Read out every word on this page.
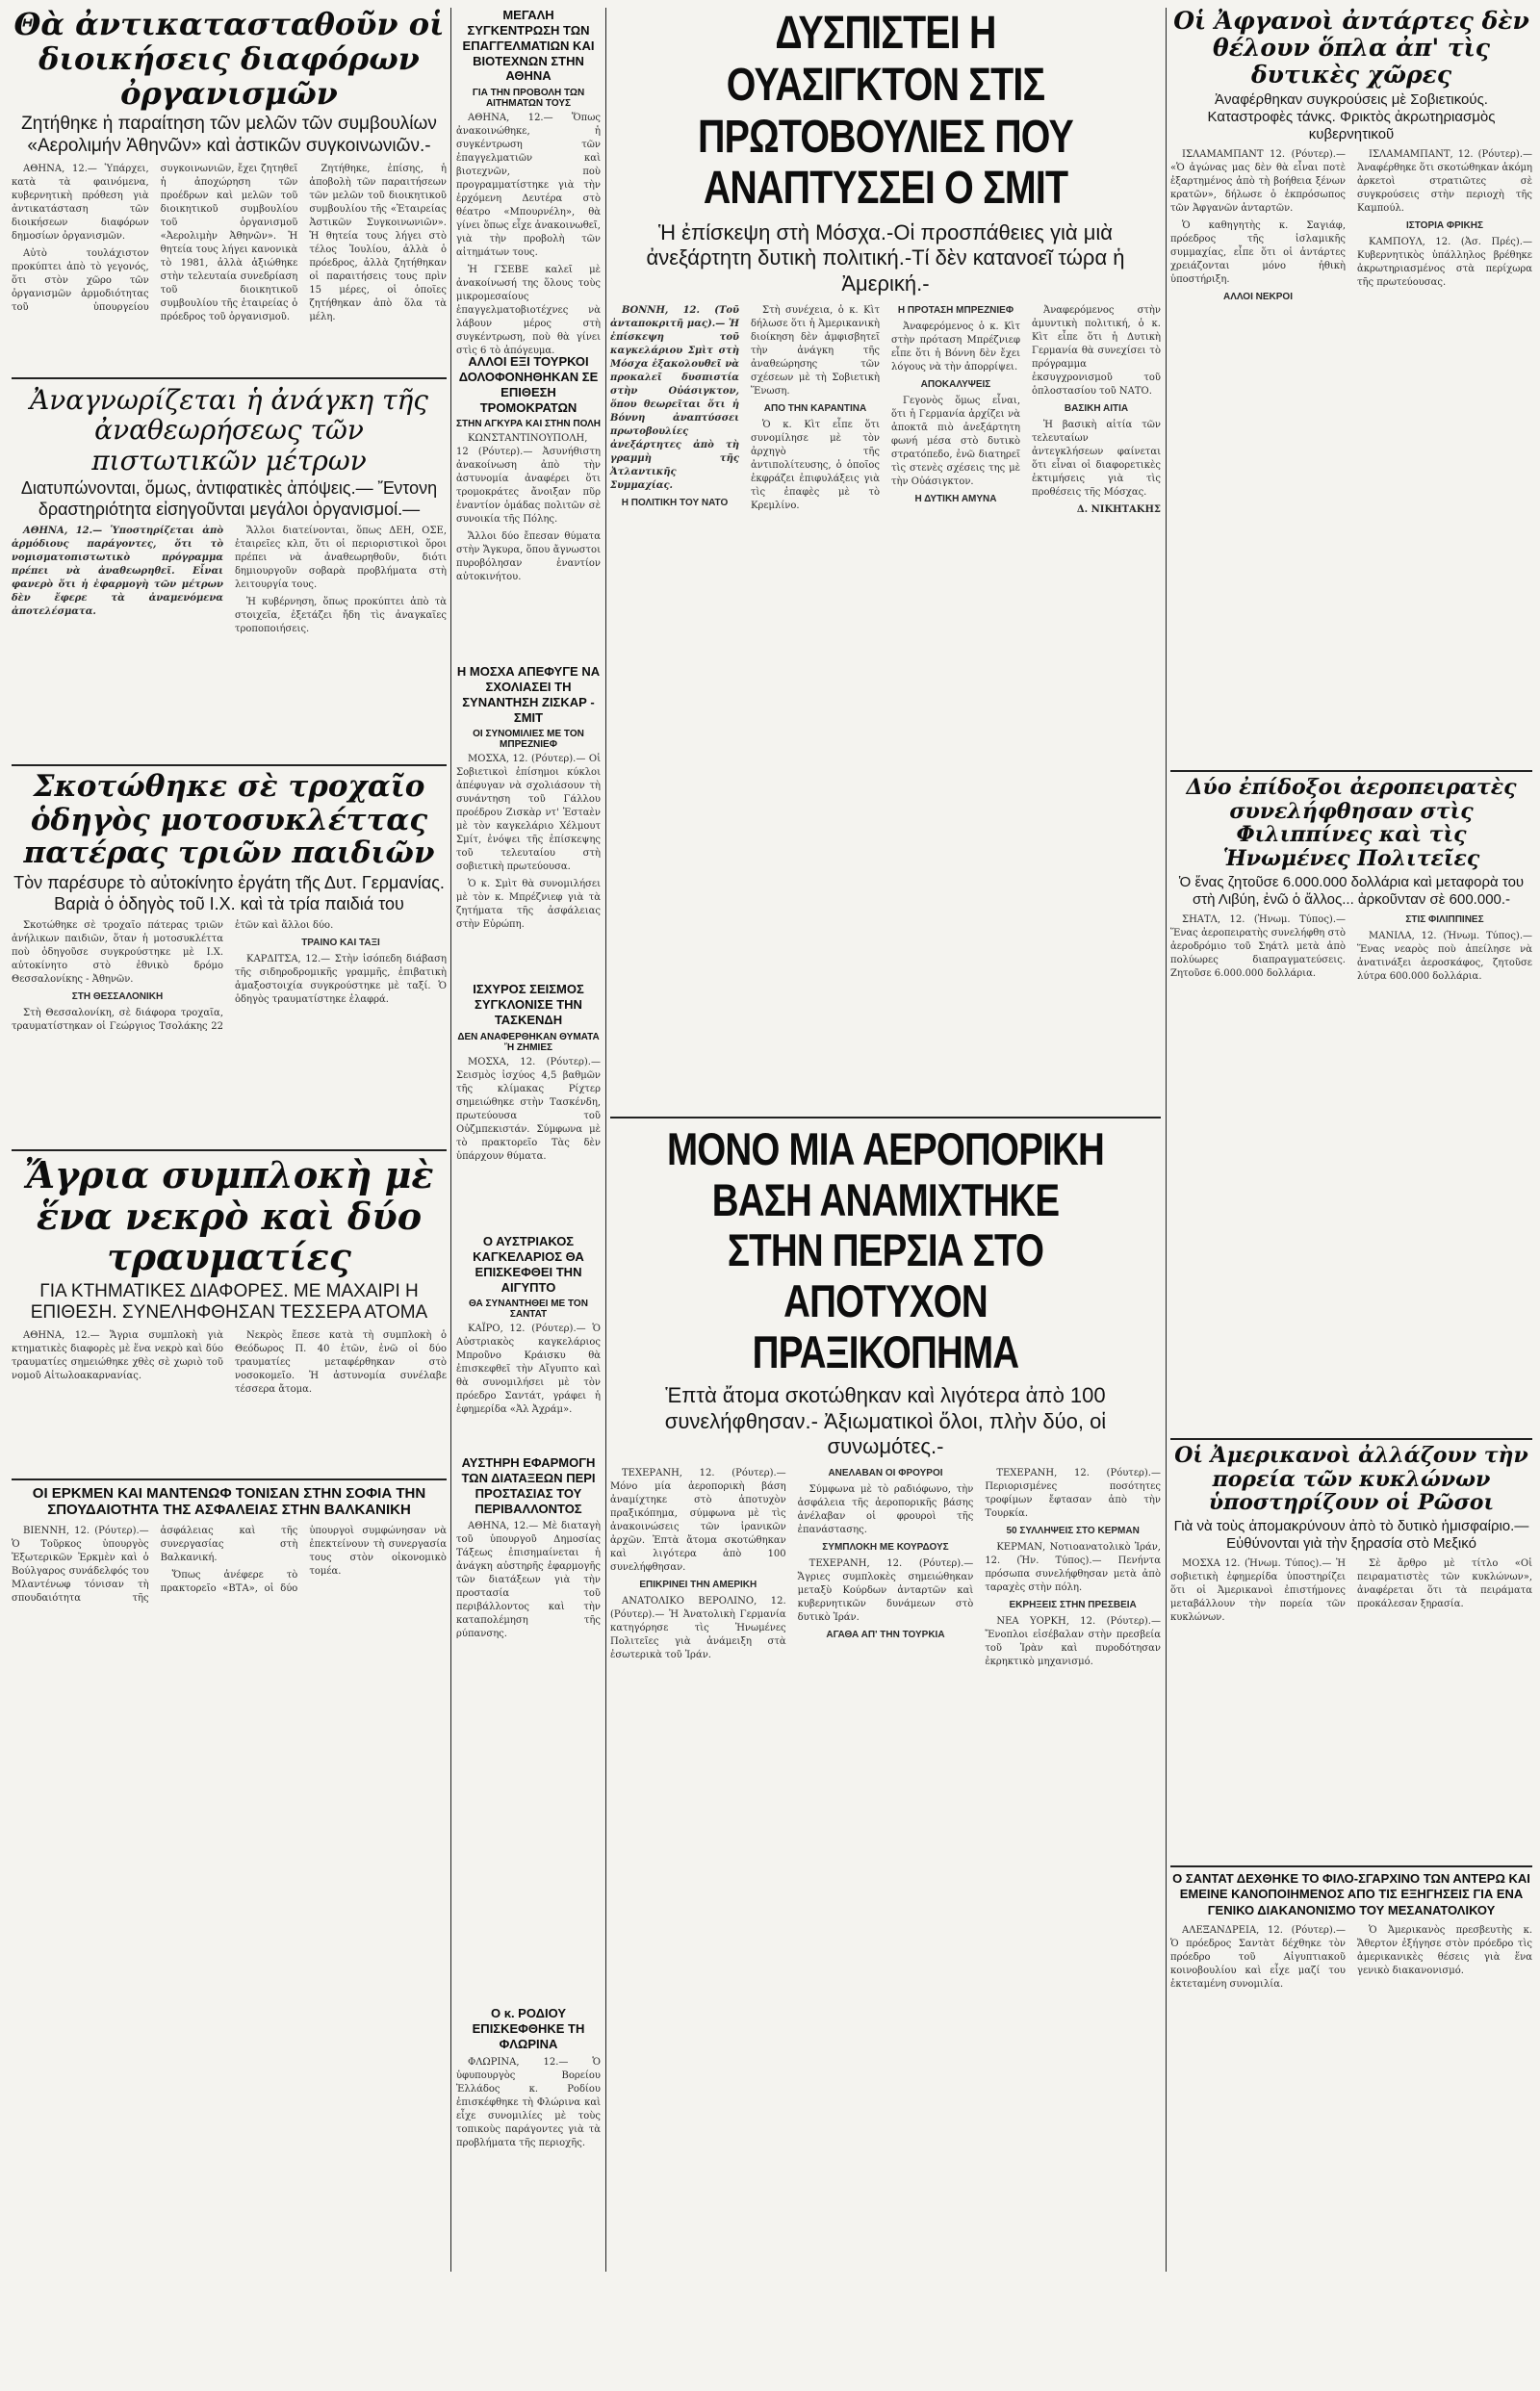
Θὰ ἀντικατασταθοῦν οἱ διοικήσεις διαφόρων ὀργανισμῶν
Ζητήθηκε ἡ παραίτηση τῶν μελῶν τῶν συμβουλίων «Αερολιμήν Ἀθηνῶν» καὶ ἀστικῶν συγκοινωνιῶν.-

ΑΘΗΝΑ, 12.— Ὑπάρχει, κατὰ τὰ φαινόμενα, κυβερνητικὴ πρόθεση γιὰ ἀντικατάσταση τῶν διοικήσεων διαφόρων δημοσίων ὀργανισμῶν.

Αὐτὸ τουλάχιστον προκύπτει ἀπὸ τὸ γεγονός, ὅτι στὸν χῶρο τῶν ὀργανισμῶν ἀρμοδιότητας τοῦ ὑπουργείου συγκοινωνιῶν, ἔχει ζητηθεῖ ἡ ἀποχώρηση τῶν προέδρων καὶ μελῶν τοῦ διοικητικοῦ συμβουλίου τοῦ ὀργανισμοῦ «Ἀερολιμὴν Ἀθηνῶν». Ἡ θητεία τους λήγει κανονικὰ τὸ 1981, ἀλλὰ ἀξιώθηκε στὴν τελευταία συνεδρίαση τοῦ διοικητικοῦ συμβουλίου τῆς ἑταιρείας ὁ πρόεδρος τοῦ ὀργανισμοῦ.

Ζητήθηκε, ἐπίσης, ἡ ἀποβολὴ τῶν παραιτήσεων τῶν μελῶν τοῦ διοικητικοῦ συμβουλίου τῆς «Ἑταιρείας Ἀστικῶν Συγκοινωνιῶν». Ἡ θητεία τους λήγει στὸ τέλος Ἰουλίου, ἀλλὰ ὁ πρόεδρος, ἀλλὰ ζητήθηκαν οἱ παραιτήσεις τους πρὶν 15 μέρες, οἱ ὁποῖες ζητήθηκαν ἀπὸ ὅλα τὰ μέλη.

Ἀναγνωρίζεται ἡ ἀνάγκη τῆς ἀναθεωρήσεως τῶν πιστωτικῶν μέτρων
Διατυπώνονται, ὅμως, ἀντιφατικὲς ἀπόψεις.— Ἔντονη δραστηριότητα εἰσηγοῦνται μεγάλοι ὀργανισμοί.—

ΑΘΗΝΑ, 12.— Ὑποστηρίζεται ἀπὸ ἁρμόδιους παράγοντες, ὅτι τὸ νομισματοπιστωτικὸ πρόγραμμα πρέπει νὰ ἀναθεωρηθεῖ. Εἶναι φανερὸ ὅτι ἡ ἐφαρμογὴ τῶν μέτρων δὲν ἔφερε τὰ ἀναμενόμενα ἀποτελέσματα.

Ἄλλοι διατείνονται, ὅπως ΔΕΗ, ΟΣΕ, ἐταιρεῖες κλπ, ὅτι οἱ περιοριστικοὶ ὅροι πρέπει νὰ ἀναθεωρηθοῦν, διότι δημιουργοῦν σοβαρὰ προβλήματα στὴ λειτουργία τους.

Ἡ κυβέρνηση, ὅπως προκύπτει ἀπὸ τὰ στοιχεῖα, ἐξετάζει ἤδη τὶς ἀναγκαῖες τροποποιήσεις.

Σκοτώθηκε σὲ τροχαῖο ὁδηγὸς μοτοσυκλέττας πατέρας τριῶν παιδιῶν
Τὸν παρέσυρε τὸ αὐτοκίνητο ἐργάτη τῆς Δυτ. Γερμανίας. Βαριὰ ὁ ὁδηγὸς τοῦ Ι.Χ. καὶ τὰ τρία παιδιά του

Σκοτώθηκε σὲ τροχαῖο πάτερας τριῶν ἀνήλικων παιδιῶν, ὅταν ἡ μοτοσυκλέττα ποὺ ὁδηγοῦσε συγκρούστηκε μὲ Ι.Χ. αὐτοκίνητο στὸ ἐθνικὸ δρόμο Θεσσαλονίκης - Ἀθηνῶν.

ΣΤΗ ΘΕΣΣΑΛΟΝΙΚΗ

Στὴ Θεσσαλονίκη, σὲ διάφορα τροχαῖα, τραυματίστηκαν οἱ Γεώργιος Τσολάκης 22 ἐτῶν καὶ ἄλλοι δύο.

ΤΡΑΙΝΟ ΚΑΙ ΤΑΞΙ

ΚΑΡΔΙΤΣΑ, 12.— Στὴν ἰσόπεδη διάβαση τῆς σιδηροδρομικῆς γραμμῆς, ἐπιβατικὴ ἁμαξοστοιχία συγκρούστηκε μὲ ταξί. Ὁ ὁδηγὸς τραυματίστηκε ἐλαφρά.

Ἄγρια συμπλοκὴ μὲ ἕνα νεκρὸ καὶ δύο τραυματίες
ΓΙΑ ΚΤΗΜΑΤΙΚΕΣ ΔΙΑΦΟΡΕΣ. ΜΕ ΜΑΧΑΙΡΙ Η ΕΠΙΘΕΣΗ. ΣΥΝΕΛΗΦΘΗΣΑΝ ΤΕΣΣΕΡΑ ΑΤΟΜΑ

ΑΘΗΝΑ, 12.— Ἄγρια συμπλοκὴ γιὰ κτηματικὲς διαφορὲς μὲ ἕνα νεκρὸ καὶ δύο τραυματίες σημειώθηκε χθὲς σὲ χωριὸ τοῦ νομοῦ Αἰτωλοακαρνανίας.

Νεκρὸς ἔπεσε κατὰ τὴ συμπλοκὴ ὁ Θεόδωρος Π. 40 ἐτῶν, ἐνῶ οἱ δύο τραυματίες μεταφέρθηκαν στὸ νοσοκομεῖο. Ἡ ἀστυνομία συνέλαβε τέσσερα ἄτομα.

ΟΙ ΕΡΚΜΕΝ ΚΑΙ ΜΑΝΤΕΝΩΦ ΤΟΝΙΣΑΝ ΣΤΗΝ ΣΟΦΙΑ ΤΗΝ ΣΠΟΥΔΑΙΟΤΗΤΑ ΤΗΣ ΑΣΦΑΛΕΙΑΣ ΣΤΗΝ ΒΑΛΚΑΝΙΚΗ

ΒΙΕΝΝΗ, 12. (Ρόυτερ).— Ὁ Τοῦρκος ὑπουργὸς Ἐξωτερικῶν Ἐρκμὲν καὶ ὁ Βούλγαρος συνάδελφός του Μλαντένωφ τόνισαν τὴ σπουδαιότητα τῆς ἀσφάλειας καὶ τῆς συνεργασίας στὴ Βαλκανική.

Ὅπως ἀνέφερε τὸ πρακτορεῖο «ΒΤΑ», οἱ δύο ὑπουργοὶ συμφώνησαν νὰ ἐπεκτείνουν τὴ συνεργασία τους στὸν οἰκονομικὸ τομέα.

ΜΕΓΑΛΗ ΣΥΓΚΕΝΤΡΩΣΗ ΤΩΝ ΕΠΑΓΓΕΛΜΑΤΙΩΝ ΚΑΙ ΒΙΟΤΕΧΝΩΝ ΣΤΗΝ ΑΘΗΝΑ
ΓΙΑ ΤΗΝ ΠΡΟΒΟΛΗ ΤΩΝ ΑΙΤΗΜΑΤΩΝ ΤΟΥΣ

ΑΘΗΝΑ, 12.— Ὅπως ἀνακοινώθηκε, ἡ συγκέντρωση τῶν ἐπαγγελματιῶν καὶ βιοτεχνῶν, ποὺ προγραμματίστηκε γιὰ τὴν ἐρχόμενη Δευτέρα στὸ θέατρο «Μπουρνέλη», θὰ γίνει ὅπως εἶχε ἀνακοινωθεῖ, γιὰ τὴν προβολὴ τῶν αἰτημάτων τους.

Ἡ ΓΣΕΒΕ καλεῖ μὲ ἀνακοίνωσή της ὅλους τοὺς μικρομεσαίους ἐπαγγελματοβιοτέχνες νὰ λάβουν μέρος στὴ συγκέντρωση, ποὺ θὰ γίνει στὶς 6 τὸ ἀπόγευμα.

ΑΛΛΟΙ ΕΞΙ ΤΟΥΡΚΟΙ ΔΟΛΟΦΟΝΗΘΗΚΑΝ ΣΕ ΕΠΙΘΕΣΗ ΤΡΟΜΟΚΡΑΤΩΝ
ΣΤΗΝ ΑΓΚΥΡΑ ΚΑΙ ΣΤΗΝ ΠΟΛΗ

ΚΩΝΣΤΑΝΤΙΝΟΥΠΟΛΗ, 12 (Ρόυτερ).— Ἀσυνήθιστη ἀνακοίνωση ἀπὸ τὴν ἀστυνομία ἀναφέρει ὅτι τρομοκράτες ἄνοιξαν πῦρ ἐναντίον ὁμάδας πολιτῶν σὲ συνοικία τῆς Πόλης.

Ἄλλοι δύο ἔπεσαν θύματα στὴν Ἄγκυρα, ὅπου ἄγνωστοι πυροβόλησαν ἐναντίον αὐτοκινήτου.

Η ΜΟΣΧΑ ΑΠΕΦΥΓΕ ΝΑ ΣΧΟΛΙΑΣΕΙ ΤΗ ΣΥΝΑΝΤΗΣΗ ΖΙΣΚΑΡ - ΣΜΙΤ
ΟΙ ΣΥΝΟΜΙΛΙΕΣ ΜΕ ΤΟΝ ΜΠΡΕΖΝΙΕΦ

ΜΟΣΧΑ, 12. (Ρόυτερ).— Οἱ Σοβιετικοὶ ἐπίσημοι κύκλοι ἀπέφυγαν νὰ σχολιάσουν τὴ συνάντηση τοῦ Γάλλου προέδρου Ζισκὰρ ντ' Ἐσταὲν μὲ τὸν καγκελάριο Χέλμουτ Σμίτ, ἐνόψει τῆς ἐπίσκεψης τοῦ τελευταίου στὴ σοβιετικὴ πρωτεύουσα.

Ὁ κ. Σμὶτ θὰ συνομιλήσει μὲ τὸν κ. Μπρέζνιεφ γιὰ τὰ ζητήματα τῆς ἀσφάλειας στὴν Εὐρώπη.

ΙΣΧΥΡΟΣ ΣΕΙΣΜΟΣ ΣΥΓΚΛΟΝΙΣΕ ΤΗΝ ΤΑΣΚΕΝΔΗ
ΔΕΝ ΑΝΑΦΕΡΘΗΚΑΝ ΘΥΜΑΤΑ Ἤ ΖΗΜΙΕΣ

ΜΟΣΧΑ, 12. (Ρόυτερ).— Σεισμὸς ἰσχύος 4,5 βαθμῶν τῆς κλίμακας Ρίχτερ σημειώθηκε στὴν Τασκένδη, πρωτεύουσα τοῦ Οὐζμπεκιστάν. Σύμφωνα μὲ τὸ πρακτορεῖο Τὰς δὲν ὑπάρχουν θύματα.

Ο ΑΥΣΤΡΙΑΚΟΣ ΚΑΓΚΕΛΑΡΙΟΣ ΘΑ ΕΠΙΣΚΕΦΘΕΙ ΤΗΝ ΑΙΓΥΠΤΟ
ΘΑ ΣΥΝΑΝΤΗΘΕΙ ΜΕ ΤΟΝ ΣΑΝΤΑΤ

ΚΑΪΡΟ, 12. (Ρόυτερ).— Ὁ Αὐστριακὸς καγκελάριος Μπροῦνο Κράισκυ θὰ ἐπισκεφθεῖ τὴν Αἴγυπτο καὶ θὰ συνομιλήσει μὲ τὸν πρόεδρο Σαντάτ, γράφει ἡ ἐφημερίδα «Ἀλ Ἀχράμ».

ΑΥΣΤΗΡΗ ΕΦΑΡΜΟΓΗ ΤΩΝ ΔΙΑΤΑΞΕΩΝ ΠΕΡΙ ΠΡΟΣΤΑΣΙΑΣ ΤΟΥ ΠΕΡΙΒΑΛΛΟΝΤΟΣ

ΑΘΗΝΑ, 12.— Μὲ διαταγὴ τοῦ ὑπουργοῦ Δημοσίας Τάξεως ἐπισημαίνεται ἡ ἀνάγκη αὐστηρῆς ἐφαρμογῆς τῶν διατάξεων γιὰ τὴν προστασία τοῦ περιβάλλοντος καὶ τὴν καταπολέμηση τῆς ρύπανσης.

Ο κ. ΡΟΔΙΟΥ ΕΠΙΣΚΕΦΘΗΚΕ ΤΗ ΦΛΩΡΙΝΑ

ΦΛΩΡΙΝΑ, 12.— Ὁ ὑφυπουργὸς Βορείου Ἑλλάδος κ. Ροδίου ἐπισκέφθηκε τὴ Φλώρινα καὶ εἶχε συνομιλίες μὲ τοὺς τοπικοὺς παράγοντες γιὰ τὰ προβλήματα τῆς περιοχῆς.

ΔΥΣΠΙΣΤΕΙ Η ΟΥΑΣΙΓΚΤΟΝ ΣΤΙΣ ΠΡΩΤΟΒΟΥΛΙΕΣ ΠΟΥ ΑΝΑΠΤΥΣΣΕΙ Ο ΣΜΙΤ
Ἡ ἐπίσκεψη στὴ Μόσχα.-Οἱ προσπάθειες γιὰ μιὰ ἀνεξάρτητη δυτικὴ πολιτική.-Τί δὲν κατανοεῖ τώρα ἡ Ἀμερική.-

ΒΟΝΝΗ, 12. (Τοῦ ἀνταποκριτῆ μας).— Ἡ ἐπίσκεψη τοῦ καγκελάριου Σμὶτ στὴ Μόσχα ἐξακολουθεῖ νὰ προκαλεῖ δυσπιστία στὴν Οὐάσιγκτον, ὅπου θεωρεῖται ὅτι ἡ Βόννη ἀναπτύσσει πρωτοβουλίες ἀνεξάρτητες ἀπὸ τὴ γραμμὴ τῆς Ἀτλαντικῆς Συμμαχίας.

Η ΠΟΛΙΤΙΚΗ ΤΟΥ ΝΑΤΟ

Στὴ συνέχεια, ὁ κ. Κὶτ δήλωσε ὅτι ἡ Ἀμερικανικὴ διοίκηση δὲν ἀμφισβητεῖ τὴν ἀνάγκη τῆς ἀναθεώρησης τῶν σχέσεων μὲ τὴ Σοβιετικὴ Ἕνωση.

ΑΠΟ ΤΗΝ ΚΑΡΑΝΤΙΝΑ

Ὁ κ. Κὶτ εἶπε ὅτι συνομίλησε μὲ τὸν ἀρχηγὸ τῆς ἀντιπολίτευσης, ὁ ὁποῖος ἐκφράζει ἐπιφυλάξεις γιὰ τὶς ἐπαφὲς μὲ τὸ Κρεμλίνο.

Η ΠΡΟΤΑΣΗ ΜΠΡΕΖΝΙΕΦ

Ἀναφερόμενος ὁ κ. Κὶτ στὴν πρόταση Μπρέζνιεφ εἶπε ὅτι ἡ Βόννη δὲν ἔχει λόγους νὰ τὴν ἀπορρίψει.

ΑΠΟΚΑΛΥΨΕΙΣ

Γεγονὸς ὅμως εἶναι, ὅτι ἡ Γερμανία ἀρχίζει νὰ ἀποκτᾶ πιὸ ἀνεξάρτητη φωνή μέσα στὸ δυτικὸ στρατόπεδο, ἐνῶ διατηρεῖ τὶς στενὲς σχέσεις της μὲ τὴν Οὐάσιγκτον.

Η ΔΥΤΙΚΗ ΑΜΥΝΑ

Ἀναφερόμενος στὴν ἀμυντικὴ πολιτική, ὁ κ. Κὶτ εἶπε ὅτι ἡ Δυτικὴ Γερμανία θὰ συνεχίσει τὸ πρόγραμμα ἐκσυγχρονισμοῦ τοῦ ὁπλοστασίου τοῦ ΝΑΤΟ.

ΒΑΣΙΚΗ ΑΙΤΙΑ

Ἡ βασικὴ αἰτία τῶν τελευταίων ἀντεγκλήσεων φαίνεται ὅτι εἶναι οἱ διαφορετικὲς ἐκτιμήσεις γιὰ τὶς προθέσεις τῆς Μόσχας.

Δ. ΝΙΚΗΤΑΚΗΣ
ΜΟΝΟ ΜΙΑ ΑΕΡΟΠΟΡΙΚΗ ΒΑΣΗ ΑΝΑΜΙΧΤΗΚΕ ΣΤΗΝ ΠΕΡΣΙΑ ΣΤΟ ΑΠΟΤΥΧΟΝ ΠΡΑΞΙΚΟΠΗΜΑ
Ἑπτὰ ἄτομα σκοτώθηκαν καὶ λιγότερα ἀπὸ 100 συνελήφθησαν.- Ἀξιωματικοὶ ὅλοι, πλὴν δύο, οἱ συνωμότες.-

ΤΕΧΕΡΑΝΗ, 12. (Ρόυτερ).— Μόνο μία ἀεροπορικὴ βάση ἀναμίχτηκε στὸ ἀποτυχὸν πραξικόπημα, σύμφωνα μὲ τὶς ἀνακοινώσεις τῶν ἰρανικῶν ἀρχῶν. Ἐπτὰ ἄτομα σκοτώθηκαν καὶ λιγότερα ἀπὸ 100 συνελήφθησαν.

ΕΠΙΚΡΙΝΕΙ ΤΗΝ ΑΜΕΡΙΚΗ

ΑΝΑΤΟΛΙΚΟ ΒΕΡΟΛΙΝΟ, 12. (Ρόυτερ).— Ἡ Ἀνατολικὴ Γερμανία κατηγόρησε τὶς Ἡνωμένες Πολιτεῖες γιὰ ἀνάμειξη στὰ ἐσωτερικὰ τοῦ Ἰράν.

ΑΝΕΛΑΒΑΝ ΟΙ ΦΡΟΥΡΟΙ

Σύμφωνα μὲ τὸ ραδιόφωνο, τὴν ἀσφάλεια τῆς ἀεροπορικῆς βάσης ἀνέλαβαν οἱ φρουροὶ τῆς ἐπανάστασης.

ΣΥΜΠΛΟΚΗ ΜΕ ΚΟΥΡΔΟΥΣ

ΤΕΧΕΡΑΝΗ, 12. (Ρόυτερ).— Ἄγριες συμπλοκὲς σημειώθηκαν μεταξὺ Κούρδων ἀνταρτῶν καὶ κυβερνητικῶν δυνάμεων στὸ δυτικὸ Ἰράν.

ΑΓΑΘΑ ΑΠ' ΤΗΝ ΤΟΥΡΚΙΑ

ΤΕΧΕΡΑΝΗ, 12. (Ρόυτερ).— Περιορισμένες ποσότητες τροφίμων ἔφτασαν ἀπὸ τὴν Τουρκία.

50 ΣΥΛΛΗΨΕΙΣ ΣΤΟ ΚΕΡΜΑΝ

ΚΕΡΜΑΝ, Νοτιοανατολικὸ Ἰράν, 12. (Ἡν. Τύπος).— Πενήντα πρόσωπα συνελήφθησαν μετὰ ἀπὸ ταραχὲς στὴν πόλη.

ΕΚΡΗΞΕΙΣ ΣΤΗΝ ΠΡΕΣΒΕΙΑ

ΝΕΑ ΥΟΡΚΗ, 12. (Ρόυτερ).— Ἔνοπλοι εἰσέβαλαν στὴν πρεσβεία τοῦ Ἰρὰν καὶ πυροδότησαν ἐκρηκτικὸ μηχανισμό.

Οἱ Ἀφγανοὶ ἀντάρτες δὲν θέλουν ὅπλα ἀπ' τὶς δυτικὲς χῶρες
Ἀναφέρθηκαν συγκρούσεις μὲ Σοβιετικούς. Καταστροφὲς τάνκς. Φρικτὸς ἀκρωτηριασμὸς κυβερνητικοῦ

ΙΣΛΑΜΑΜΠΑΝΤ 12. (Ρόυτερ).— «Ὁ ἀγώνας μας δὲν θὰ εἶναι ποτὲ ἐξαρτημένος ἀπὸ τὴ βοήθεια ξένων κρατῶν», δήλωσε ὁ ἐκπρόσωπος τῶν Ἀφγανῶν ἀνταρτῶν.

Ὁ καθηγητὴς κ. Σαγιάφ, πρόεδρος τῆς ἰσλαμικῆς συμμαχίας, εἶπε ὅτι οἱ ἀντάρτες χρειάζονται μόνο ἠθικὴ ὑποστήριξη.

ΑΛΛΟΙ ΝΕΚΡΟΙ

ΙΣΛΑΜΑΜΠΑΝΤ, 12. (Ρόυτερ).— Ἀναφέρθηκε ὅτι σκοτώθηκαν ἀκόμη ἀρκετοὶ στρατιῶτες σὲ συγκρούσεις στὴν περιοχὴ τῆς Καμπούλ.

ΙΣΤΟΡΙΑ ΦΡΙΚΗΣ

ΚΑΜΠΟΥΛ, 12. (Ἀσ. Πρές).— Κυβερνητικὸς ὑπάλληλος βρέθηκε ἀκρωτηριασμένος στὰ περίχωρα τῆς πρωτεύουσας.

Δύο ἐπίδοξοι ἀεροπειρατὲς συνελήφθησαν στὶς Φιλιππίνες καὶ τὶς Ἡνωμένες Πολιτεῖες
Ὁ ἕνας ζητοῦσε 6.000.000 δολλάρια καὶ μεταφορὰ του στὴ Λιβύη, ἐνῶ ὁ ἄλλος... ἀρκοῦνταν σὲ 600.000.-

ΣΗΑΤΛ, 12. (Ἡνωμ. Τύπος).— Ἕνας ἀεροπειρατὴς συνελήφθη στὸ ἀεροδρόμιο τοῦ Σηάτλ μετὰ ἀπὸ πολύωρες διαπραγματεύσεις. Ζητοῦσε 6.000.000 δολλάρια.

ΣΤΙΣ ΦΙΛΙΠΠΙΝΕΣ

ΜΑΝΙΛΑ, 12. (Ἡνωμ. Τύπος).— Ἕνας νεαρὸς ποὺ ἀπείλησε νὰ ἀνατινάξει ἀεροσκάφος, ζητοῦσε λύτρα 600.000 δολλάρια.

Οἱ Ἀμερικανοὶ ἀλλάζουν τὴν πορεία τῶν κυκλώνων ὑποστηρίζουν οἱ Ρῶσοι
Γιὰ νὰ τοὺς ἀπομακρύνουν ἀπὸ τὸ δυτικὸ ἡμισφαίριο.— Εὐθύνονται γιὰ τὴν ξηρασία στὸ Μεξικό

ΜΟΣΧΑ 12. (Ἡνωμ. Τύπος).— Ἡ σοβιετικὴ ἐφημερίδα ὑποστηρίζει ὅτι οἱ Ἀμερικανοὶ ἐπιστήμονες μεταβάλλουν τὴν πορεία τῶν κυκλώνων.

Σὲ ἄρθρο μὲ τίτλο «Οἱ πειραματιστὲς τῶν κυκλώνων», ἀναφέρεται ὅτι τὰ πειράματα προκάλεσαν ξηρασία.

Ο ΣΑΝΤΑΤ ΔΕΧΘΗΚΕ ΤΟ ΦΙΛΟ-ΣΓΑΡΧΙΝΟ ΤΩΝ ΑΝΤΕΡΩ ΚΑΙ ΕΜΕΙΝΕ ΚΑΝΟΠΟΙΗΜΕΝΟΣ ΑΠΟ ΤΙΣ ΕΞΗΓΗΣΕΙΣ ΓΙΑ ΕΝΑ ΓΕΝΙΚΟ ΔΙΑΚΑΝΟΝΙΣΜΟ ΤΟΥ ΜΕΣΑΝΑΤΟΛΙΚΟΥ

ΑΛΕΞΑΝΔΡΕΙΑ, 12. (Ρόυτερ).— Ὁ πρόεδρος Σαντὰτ δέχθηκε τὸν πρόεδρο τοῦ Αἰγυπτιακοῦ κοινοβουλίου καὶ εἶχε μαζί του ἐκτεταμένη συνομιλία.

Ὁ Ἀμερικανὸς πρεσβευτὴς κ. Ἄθερτον ἐξήγησε στὸν πρόεδρο τὶς ἀμερικανικὲς θέσεις γιὰ ἕνα γενικὸ διακανονισμό.
